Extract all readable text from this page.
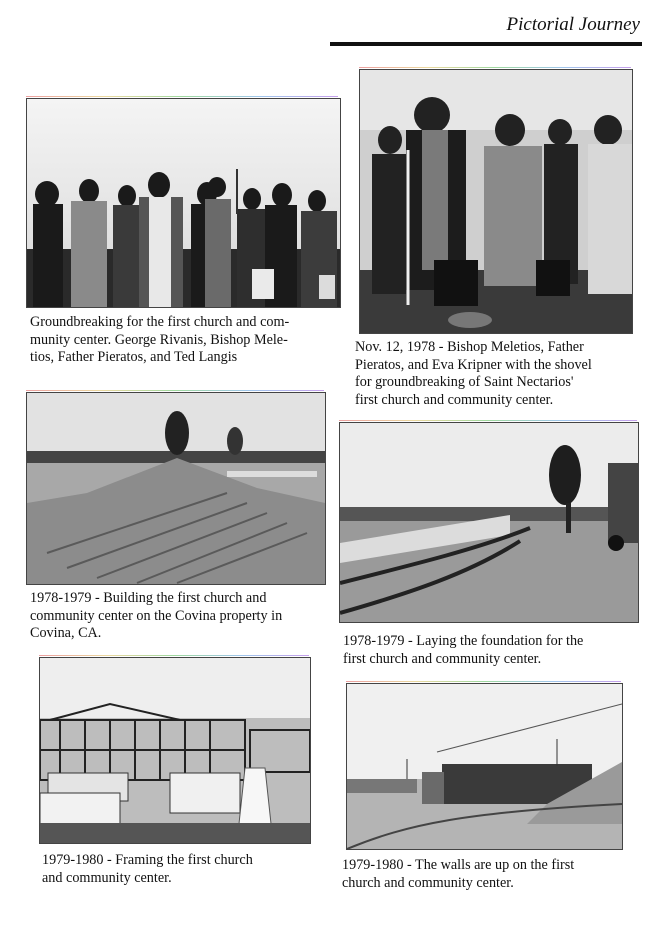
Pictorial Journey
Groundbreaking for the first church and com-
munity center. George Rivanis, Bishop Mele-
tios, Father Pieratos, and Ted Langis
Nov. 12, 1978 - Bishop Meletios, Father
Pieratos, and Eva Kripner with the shovel
for groundbreaking of Saint Nectarios'
first church and community center.
1978-1979 - Building the first church and
community center on the Covina property in
Covina, CA.	1978-1979 - Laying the foundation for the
first church and community center.
1979-1980 - Framing the first church
and community center.
1979-1980 - The walls are up on the first
church and community center.
